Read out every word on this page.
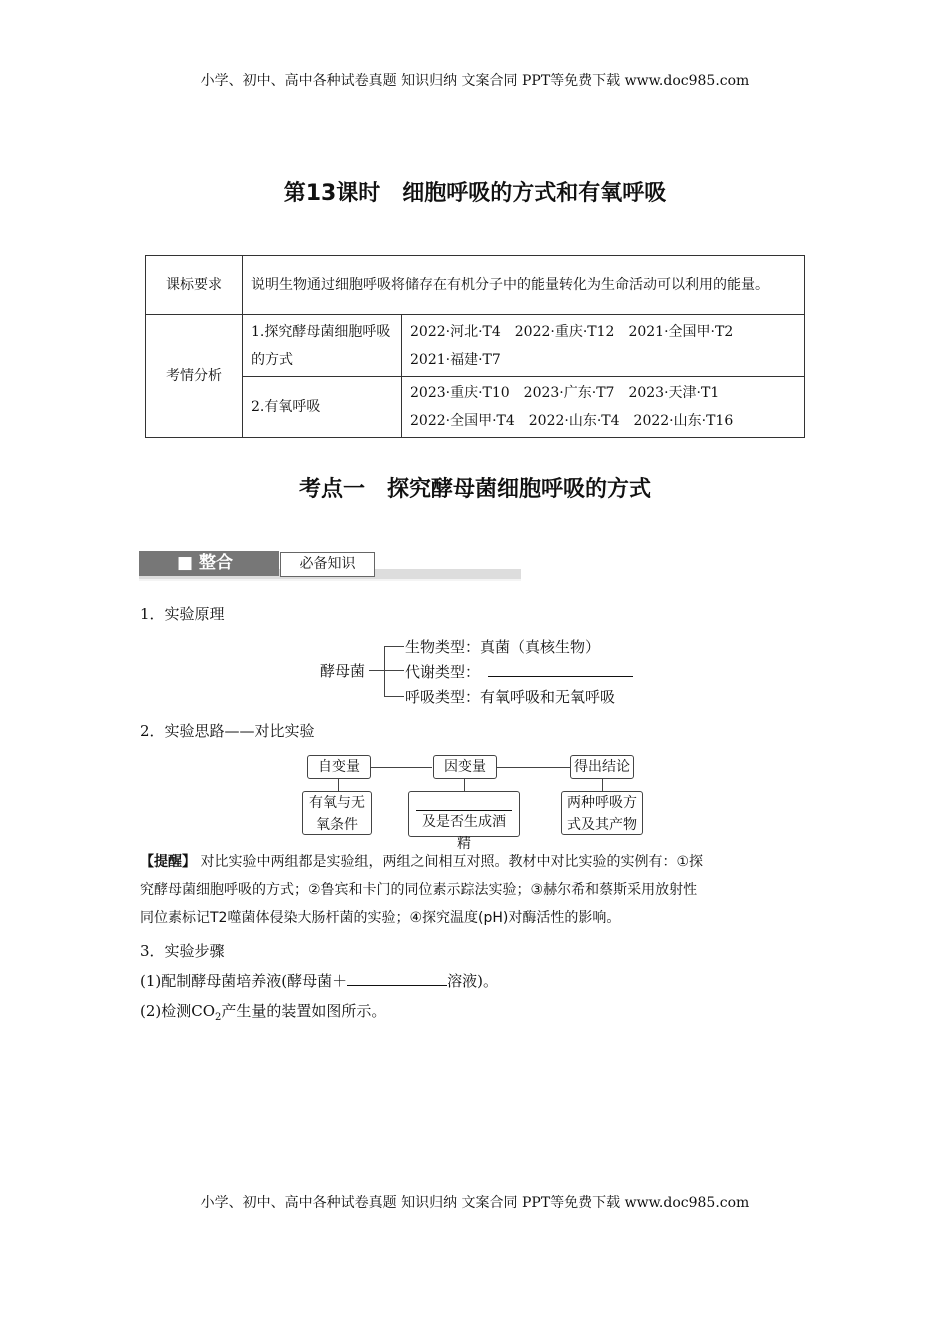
小学、初中、高中各种试卷真题 知识归纳 文案合同 PPT等免费下载 www.doc985.com
第13课时　细胞呼吸的方式和有氧呼吸
课标要求	说明生物通过细胞呼吸将储存在有机分子中的能量转化为生命活动可以利用的能量。	
考情分析	1.探究酵母菌细胞呼吸的方式	2022·河北·T4　2022·重庆·T12　2021·全国甲·T2
2021·福建·T7

	2.有氧呼吸	2023·重庆·T10　2023·广东·T7　2023·天津·T1
2022·全国甲·T4　2022·山东·T4　2022·山东·T16
考点一　探究酵母菌细胞呼吸的方式
■ 整合	必备知识
1．实验原理
酵母菌
生物类型：真菌（真核生物）
代谢类型：
呼吸类型：有氧呼吸和无氧呼吸
2．实验思路——对比实验
自变量	因变量	得出结论
有氧与无氧条件	及是否生成酒精
两种呼吸方式及其产物
【提醒】 对比实验中两组都是实验组，两组之间相互对照。教材中对比实验的实例有：①探
究酵母菌细胞呼吸的方式；②鲁宾和卡门的同位素示踪法实验；③赫尔希和蔡斯采用放射性
同位素标记T2噬菌体侵染大肠杆菌的实验；④探究温度(pH)对酶活性的影响。
3．实验步骤
(1)配制酵母菌培养液(酵母菌＋	溶液)。
(2)检测$CO_2$产生量的装置如图所示。
小学、初中、高中各种试卷真题 知识归纳 文案合同 PPT等免费下载 www.doc985.com
